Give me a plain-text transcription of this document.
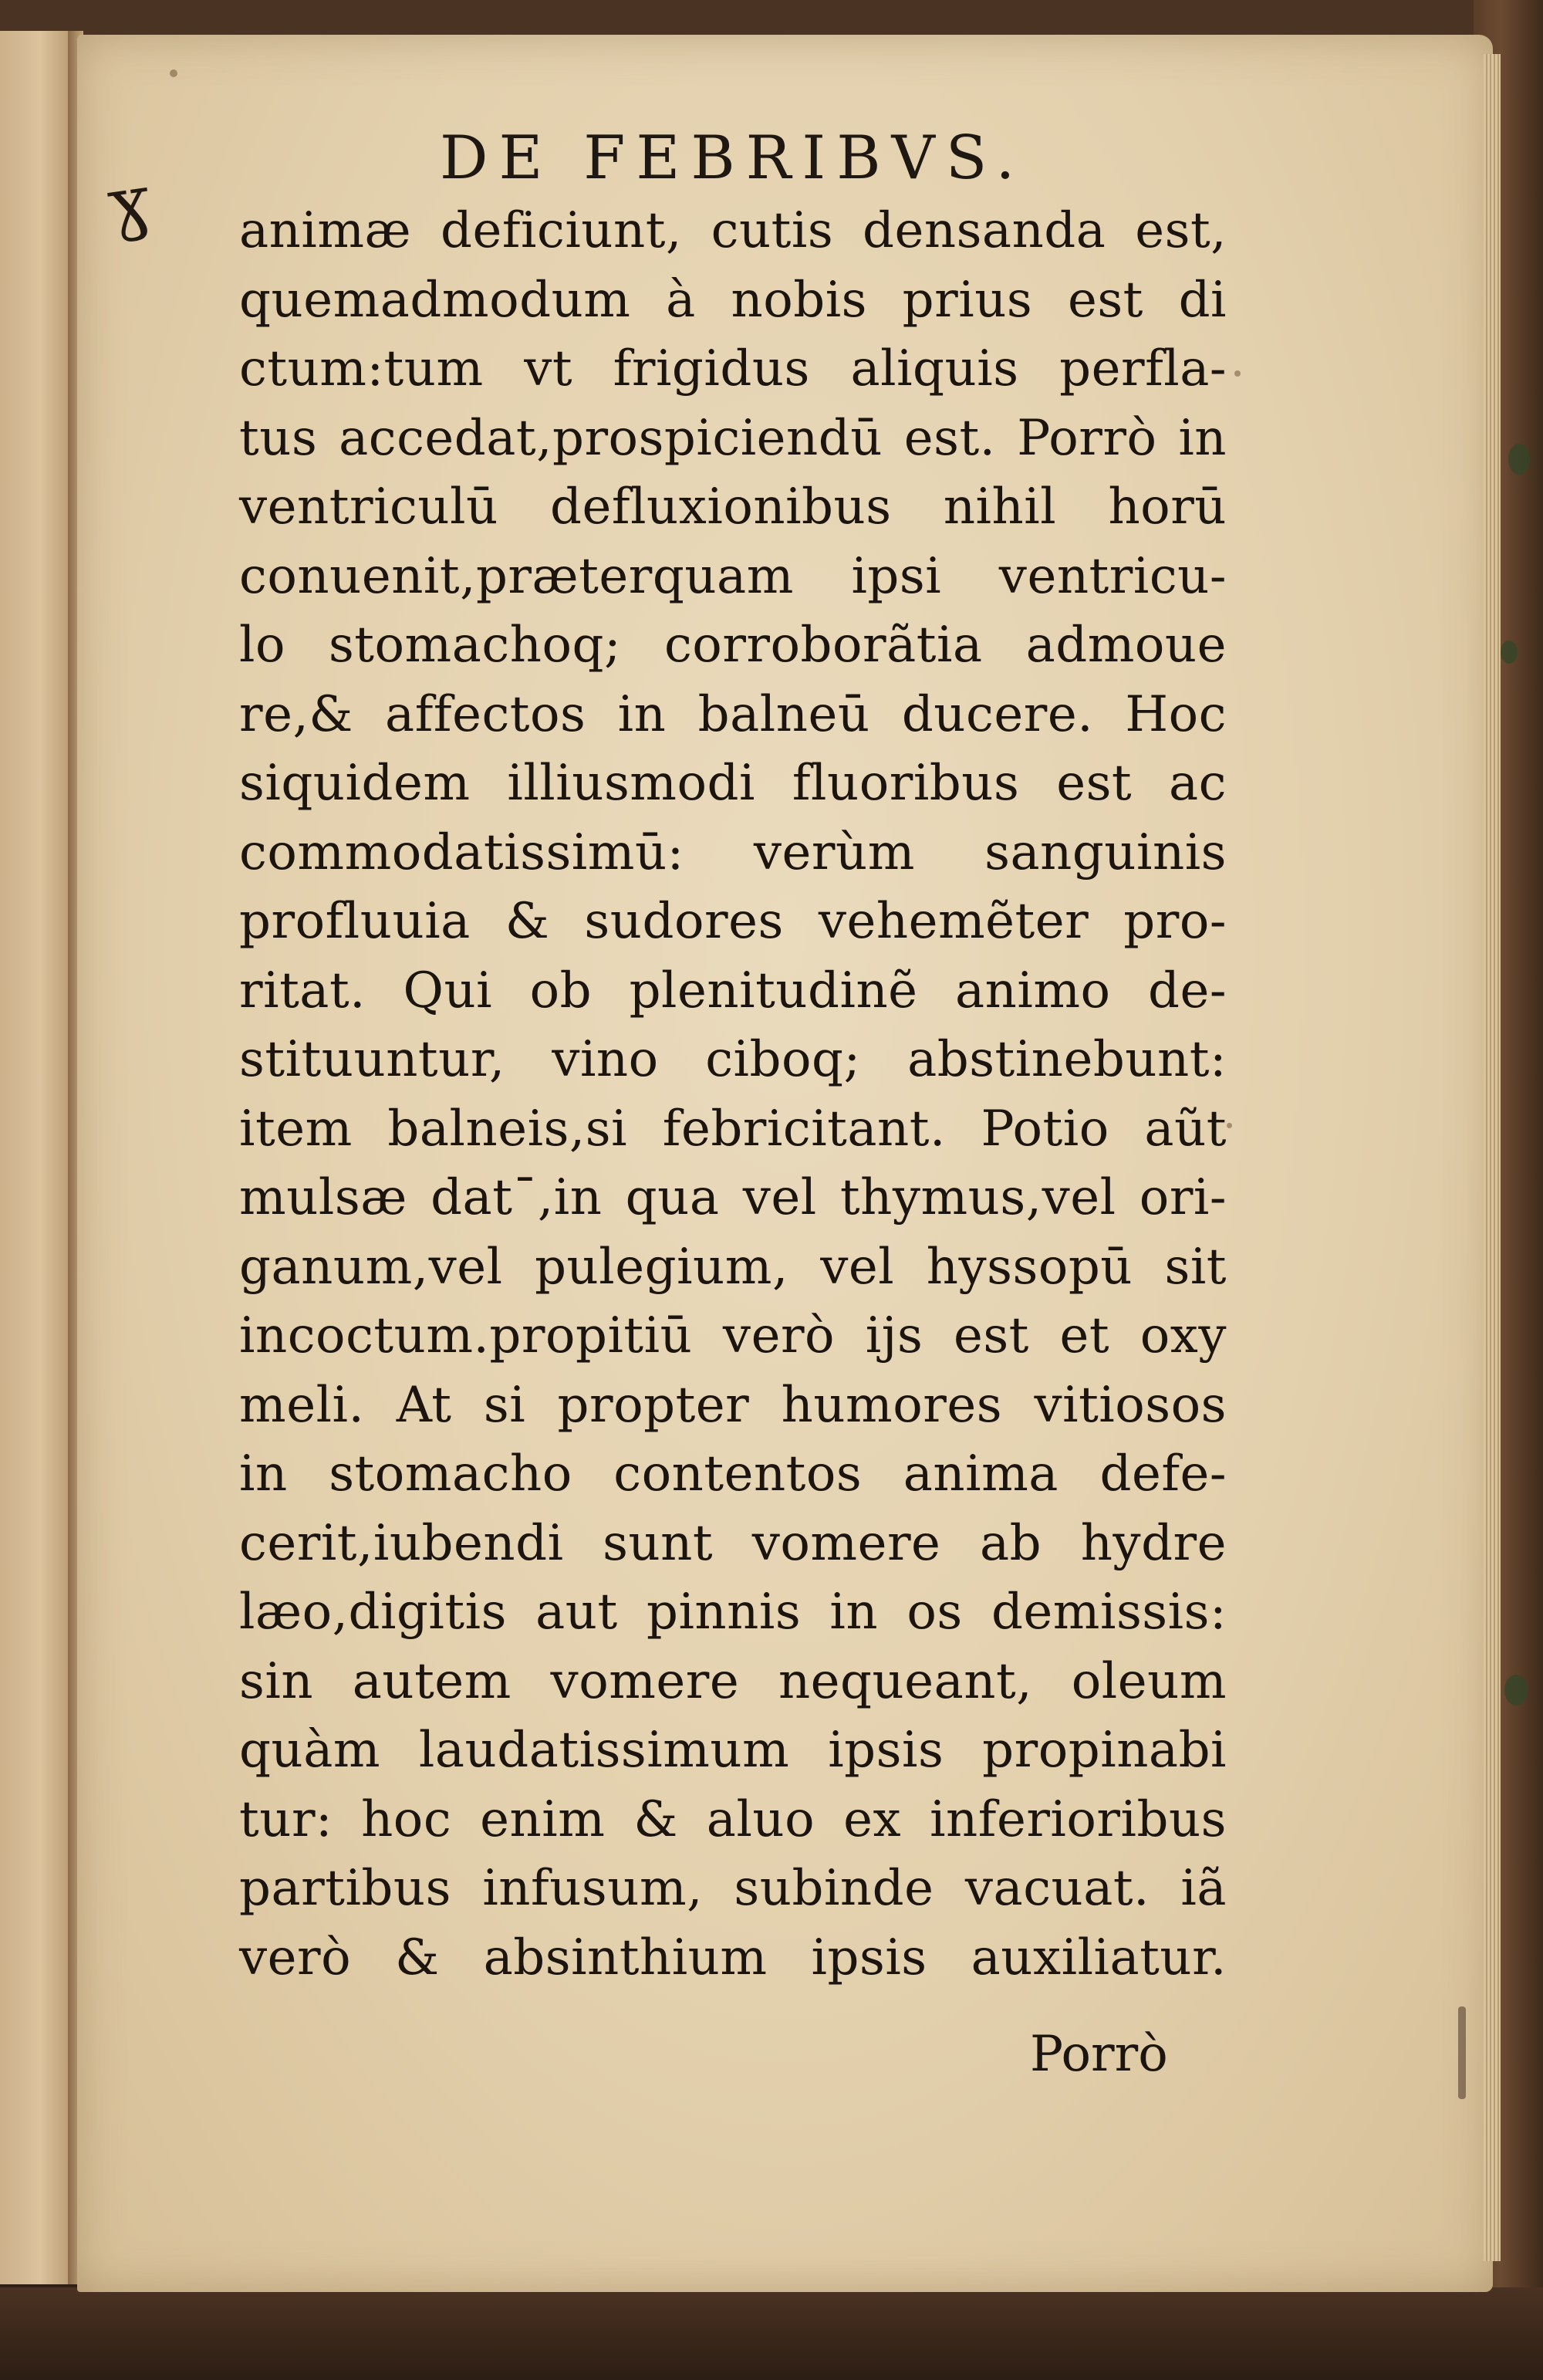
ɣ
DE FEBRIBVS.
animæ deficiunt, cutis densanda est,
quemadmodum à nobis prius est di
ctum:tum vt frigidus aliquis perfla-
tus accedat,prospiciendū est. Porrò in
ventriculū defluxionibus nihil horū
conuenit,præterquam ipsi ventricu-
lo stomachoq; corroborãtia admoue
re,& affectos in balneū ducere. Hoc
siquidem illiusmodi fluoribus est ac
commodatissimū: verùm sanguinis
profluuia & sudores vehemẽter pro-
ritat. Qui ob plenitudinẽ animo de-
stituuntur, vino ciboq; abstinebunt:
item balneis,si febricitant. Potio aũt
mulsæ datˉ,in qua vel thymus,vel ori-
ganum,vel pulegium, vel hyssopū sit
incoctum.propitiū verò ijs est et oxy
meli. At si propter humores vitiosos
in stomacho contentos anima defe-
cerit,iubendi sunt vomere ab hydre
læo,digitis aut pinnis in os demissis:
sin autem vomere nequeant, oleum
quàm laudatissimum ipsis propinabi
tur: hoc enim & aluo ex inferioribus
partibus infusum, subinde vacuat. iã
verò & absinthium ipsis auxiliatur.
Porrò
